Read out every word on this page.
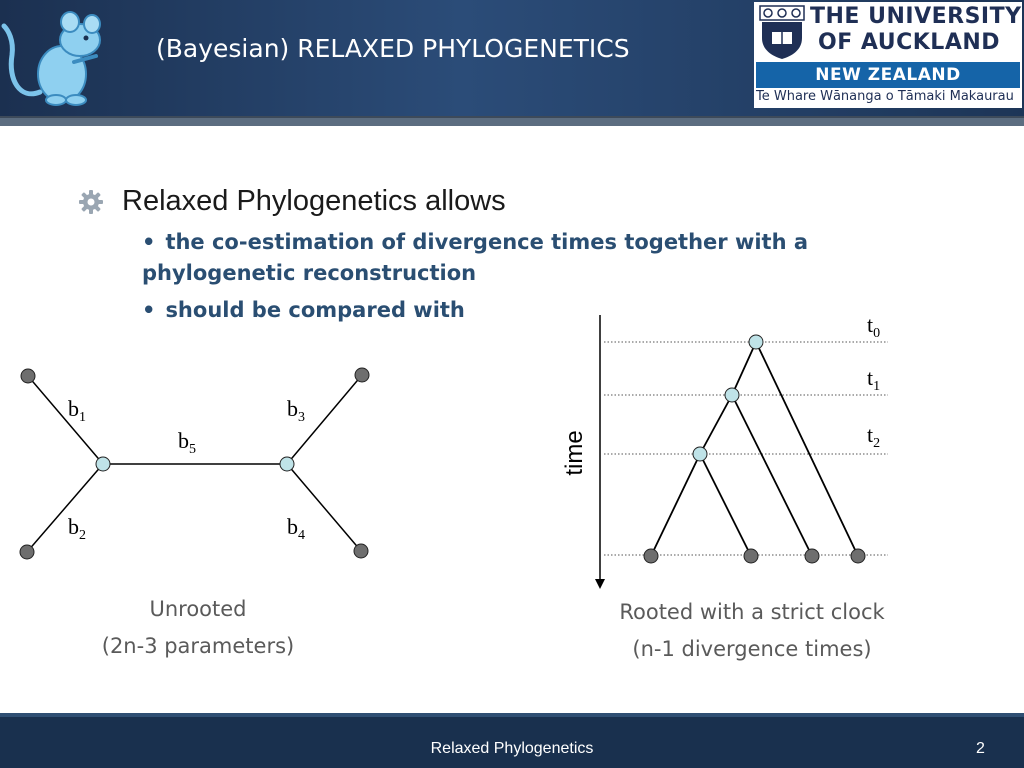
(Bayesian) RELAXED PHYLOGENETICS
THE UNIVERSITY
OF AUCKLAND
NEW ZEALAND
Te Whare Wānanga o Tāmaki Makaurau
Relaxed Phylogenetics allows
• the co-estimation of divergence times together with a
phylogenetic reconstruction
• should be compared with
$b_1$
$b_2$
$b_3$
$b_4$
$b_5$
Unrooted
(2n-3 parameters)
$t_0$
$t_1$
$t_2$
time
Rooted with a strict clock
(n-1 divergence times)
Relaxed Phylogenetics	2
